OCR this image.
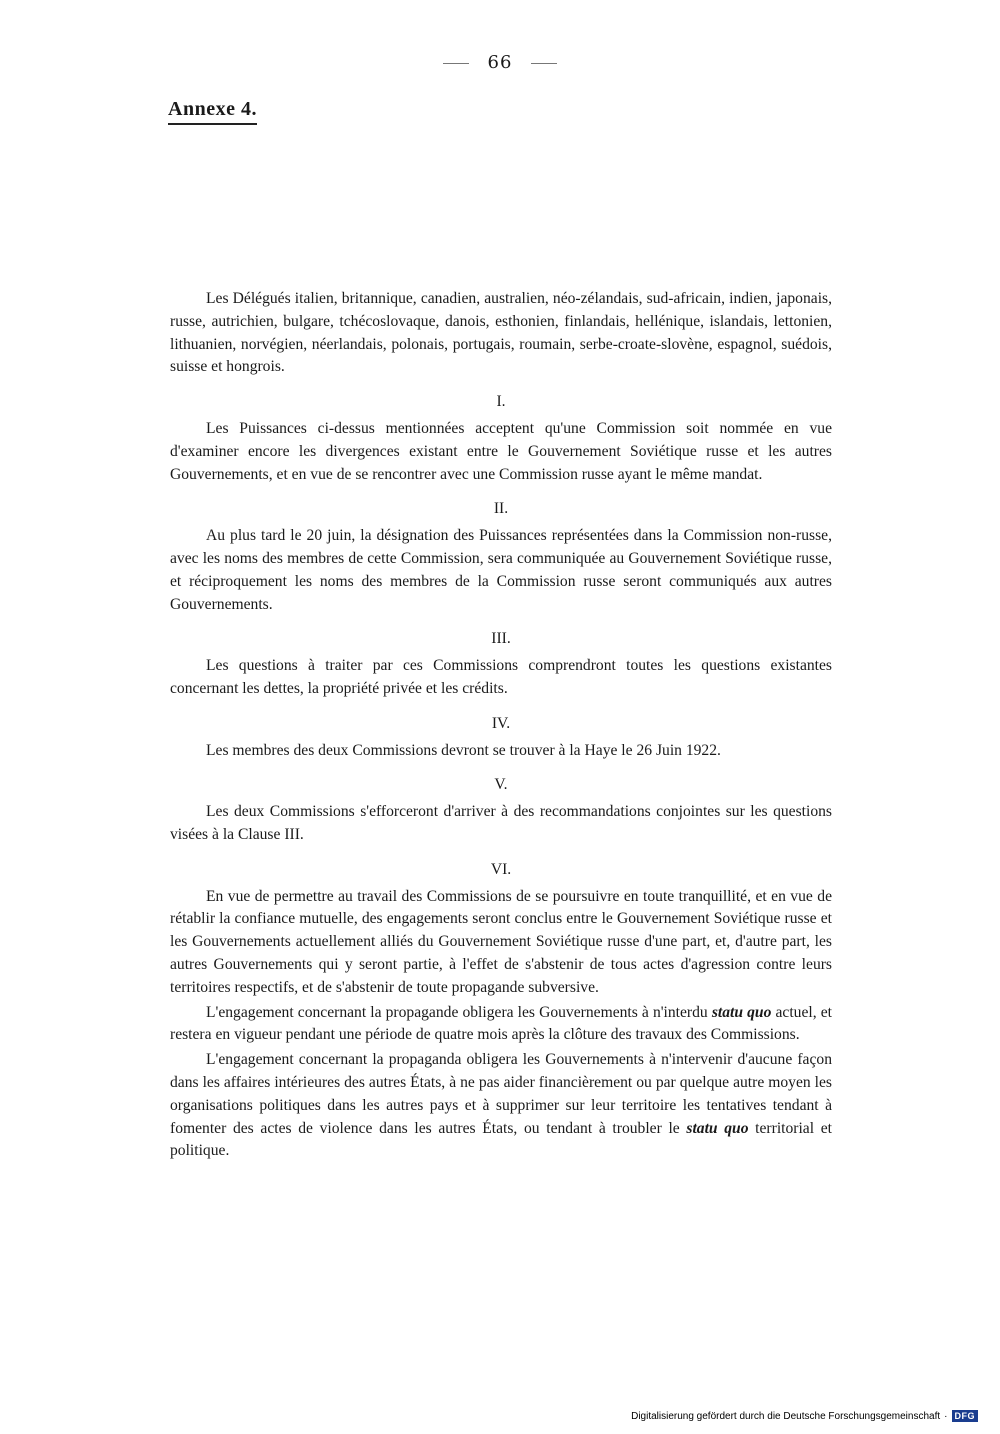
66
Annexe 4.

Les Délégués italien, britannique, canadien, australien, néo-zélandais, sud-africain, indien, japonais, russe, autrichien, bulgare, tchécoslovaque, danois, esthonien, finlandais, hellénique, islandais, lettonien, lithuanien, norvégien, néerlandais, polonais, portugais, roumain, serbe-croate-slovène, espagnol, suédois, suisse et hongrois.

I.

Les Puissances ci-dessus mentionnées acceptent qu'une Commission soit nommée en vue d'examiner encore les divergences existant entre le Gouvernement Soviétique russe et les autres Gouvernements, et en vue de se rencontrer avec une Commission russe ayant le même mandat.

II.

Au plus tard le 20 juin, la désignation des Puissances représentées dans la Commission non-russe, avec les noms des membres de cette Commission, sera communiquée au Gouvernement Soviétique russe, et réciproquement les noms des membres de la Commission russe seront communiqués aux autres Gouvernements.

III.

Les questions à traiter par ces Commissions comprendront toutes les questions existantes concernant les dettes, la propriété privée et les crédits.

IV.

Les membres des deux Commissions devront se trouver à la Haye le 26 Juin 1922.

V.

Les deux Commissions s'efforceront d'arriver à des recommandations conjointes sur les questions visées à la Clause III.

VI.

En vue de permettre au travail des Commissions de se poursuivre en toute tranquillité, et en vue de rétablir la confiance mutuelle, des engagements seront conclus entre le Gouvernement Soviétique russe et les Gouvernements actuellement alliés du Gouvernement Soviétique russe d'une part, et, d'autre part, les autres Gouvernements qui y seront partie, à l'effet de s'abstenir de tous actes d'agression contre leurs territoires respectifs, et de s'abstenir de toute propagande subversive.

L'engagement concernant la propagande obligera les Gouvernements à n'interdu statu quo actuel, et restera en vigueur pendant une période de quatre mois après la clôture des travaux des Commissions.

L'engagement concernant la propaganda obligera les Gouvernements à n'intervenir d'aucune façon dans les affaires intérieures des autres États, à ne pas aider financièrement ou par quelque autre moyen les organisations politiques dans les autres pays et à supprimer sur leur territoire les tentatives tendant à fomenter des actes de violence dans les autres États, ou tendant à troubler le statu quo territorial et politique.

Digitalisierung gefördert durch die Deutsche Forschungsgemeinschaft · DFG
